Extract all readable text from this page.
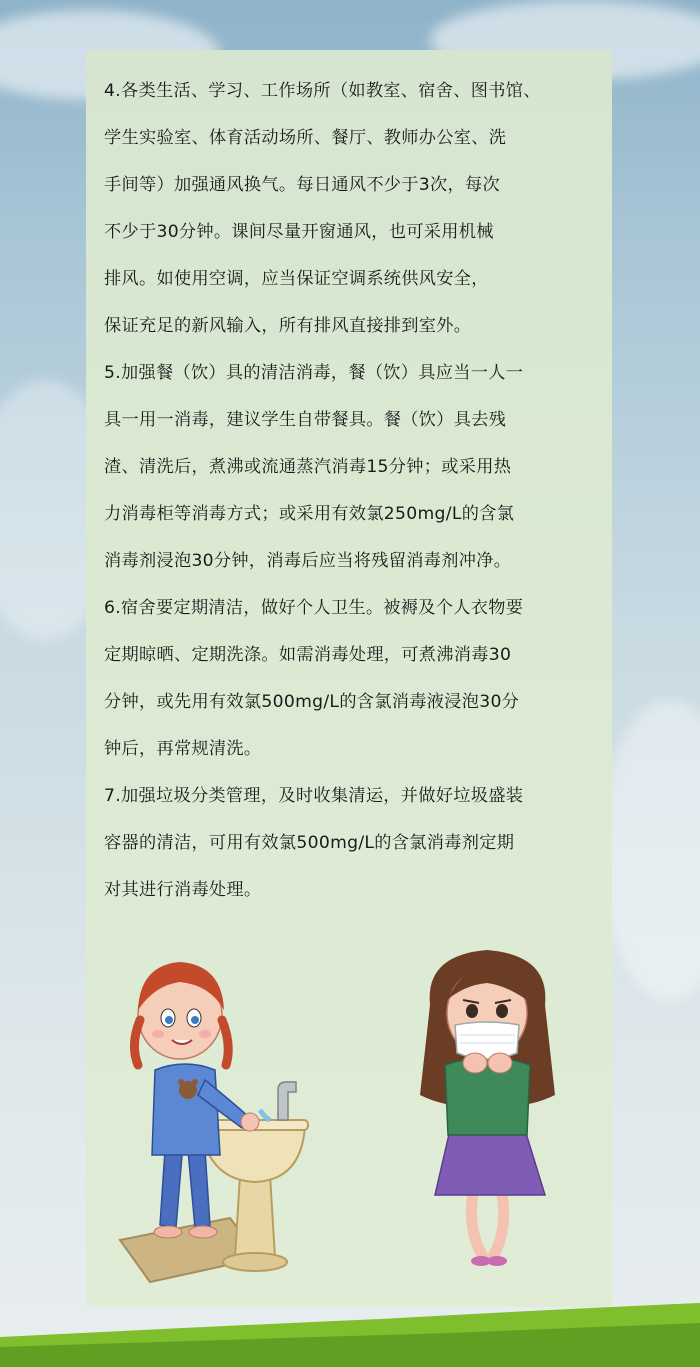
4.各类生活、学习、工作场所（如教室、宿舍、图书馆、
学生实验室、体育活动场所、餐厅、教师办公室、洗
手间等）加强通风换气。每日通风不少于3次，每次
不少于30分钟。课间尽量开窗通风，也可采用机械
排风。如使用空调，应当保证空调系统供风安全，
保证充足的新风输入，所有排风直接排到室外。

5.加强餐（饮）具的清洁消毒，餐（饮）具应当一人一
具一用一消毒，建议学生自带餐具。餐（饮）具去残
渣、清洗后，煮沸或流通蒸汽消毒15分钟；或采用热
力消毒柜等消毒方式；或采用有效氯250mg/L的含氯
消毒剂浸泡30分钟，消毒后应当将残留消毒剂冲净。

6.宿舍要定期清洁，做好个人卫生。被褥及个人衣物要
定期晾晒、定期洗涤。如需消毒处理，可煮沸消毒30
分钟，或先用有效氯500mg/L的含氯消毒液浸泡30分
钟后，再常规清洗。

7.加强垃圾分类管理，及时收集清运，并做好垃圾盛装
容器的清洁，可用有效氯500mg/L的含氯消毒剂定期
对其进行消毒处理。
